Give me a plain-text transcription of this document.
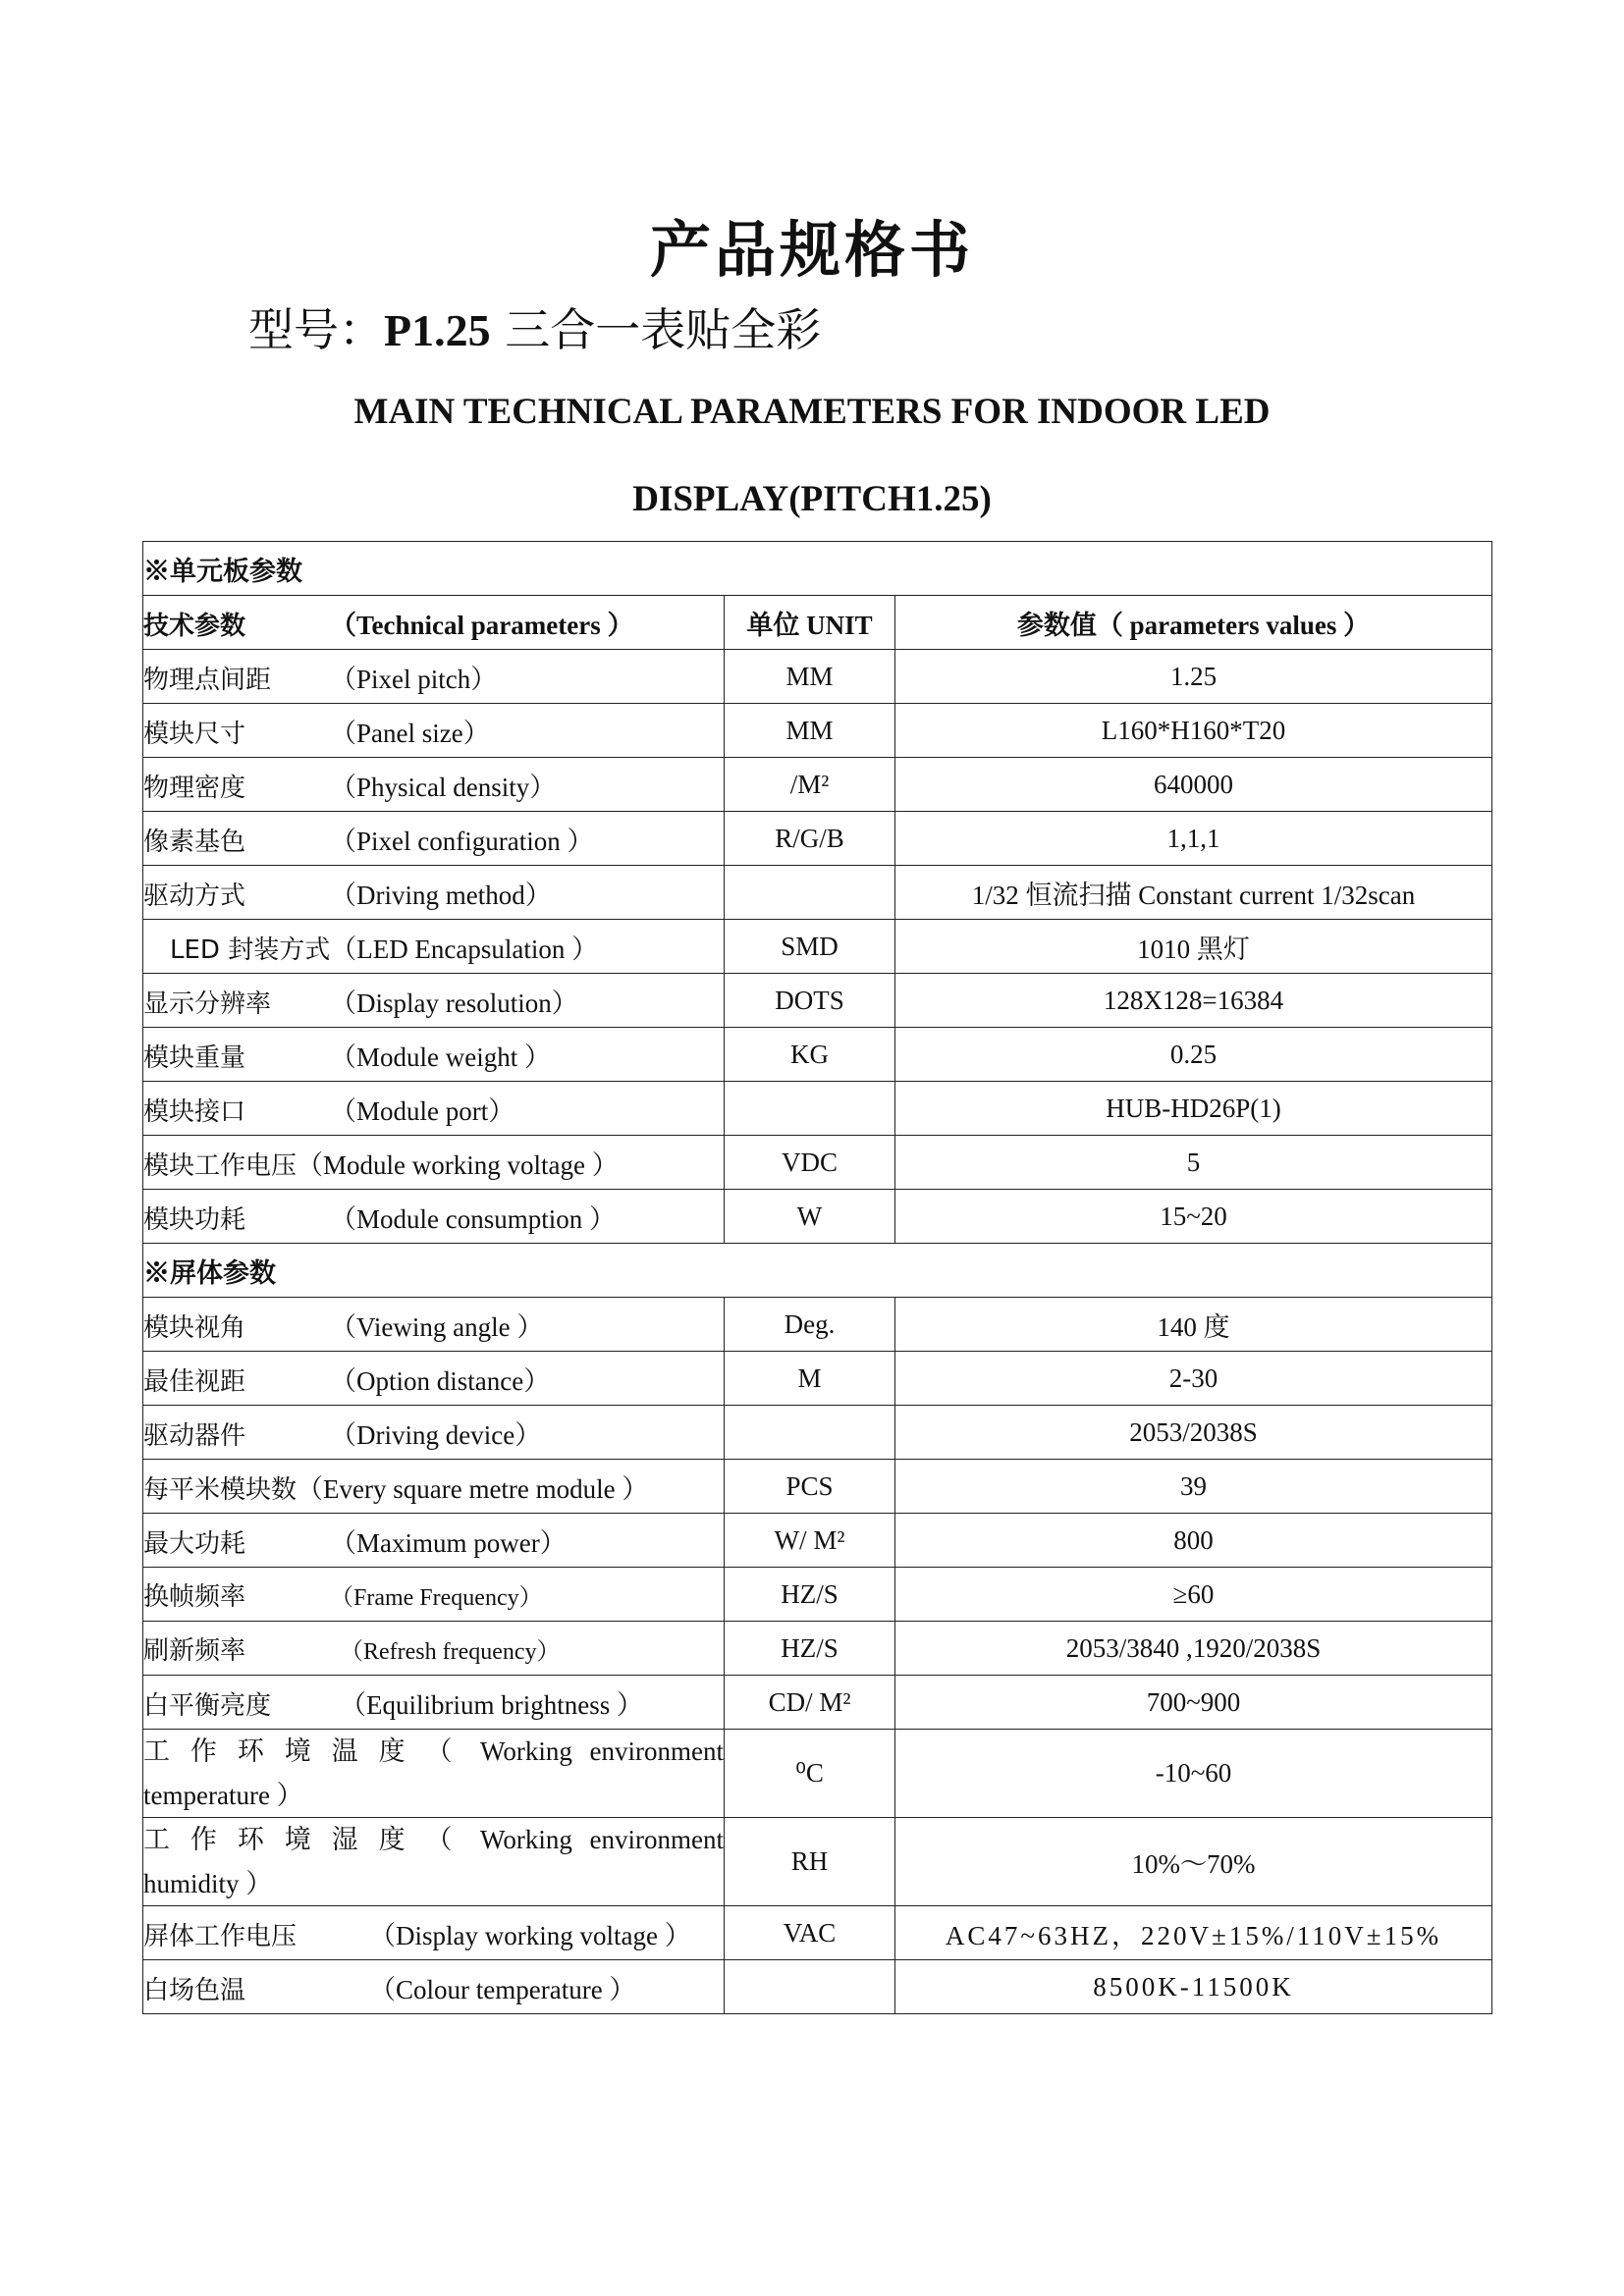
产品规格书
型号：P1.25 三合一表贴全彩
MAIN TECHNICAL PARAMETERS FOR INDOOR LED
DISPLAY(PITCH1.25)
※单元板参数		
技术参数 （Technical parameters ）	单位 UNIT	参数值（ parameters values ）
物理点间距 （Pixel pitch）	MM	1.25
模块尺寸 （Panel size）	MM	L160*H160*T20
物理密度 （Physical density）	/M²	640000
像素基色 （Pixel configuration ）	R/G/B	1,1,1
驱动方式 （Driving method）		1/32 恒流扫描 Constant current 1/32scan
LED 封装方式（LED Encapsulation ）	SMD	1010 黑灯
显示分辨率 （Display resolution）	DOTS	128X128=16384
模块重量 （Module weight ）	KG	0.25
模块接口 （Module port）		HUB-HD26P(1)
模块工作电压（Module working voltage ）	VDC	5
模块功耗 （Module consumption ）	W	15~20
※屏体参数		
模块视角 （Viewing angle ）	Deg.	140 度
最佳视距 （Option distance）	M	2-30
驱动器件 （Driving device）		2053/2038S
每平米模块数（Every square metre module ）	PCS	39
最大功耗 （Maximum power）	W/ M²	800
换帧频率 （Frame Frequency）	HZ/S	≥60
刷新频率 （Refresh frequency）	HZ/S	2053/3840 ,1920/2038S
白平衡亮度 （Equilibrium brightness ）	CD/ M²	700~900
工作环境温度（ Working environment temperature ）	⁰C	-10~60
工作环境湿度（ Working environment humidity ）	RH	10%～70%
屏体工作电压 （Display working voltage ）	VAC	AC47~63HZ，220V±15%/110V±15%
白场色温 （Colour temperature ）		8500K-11500K
